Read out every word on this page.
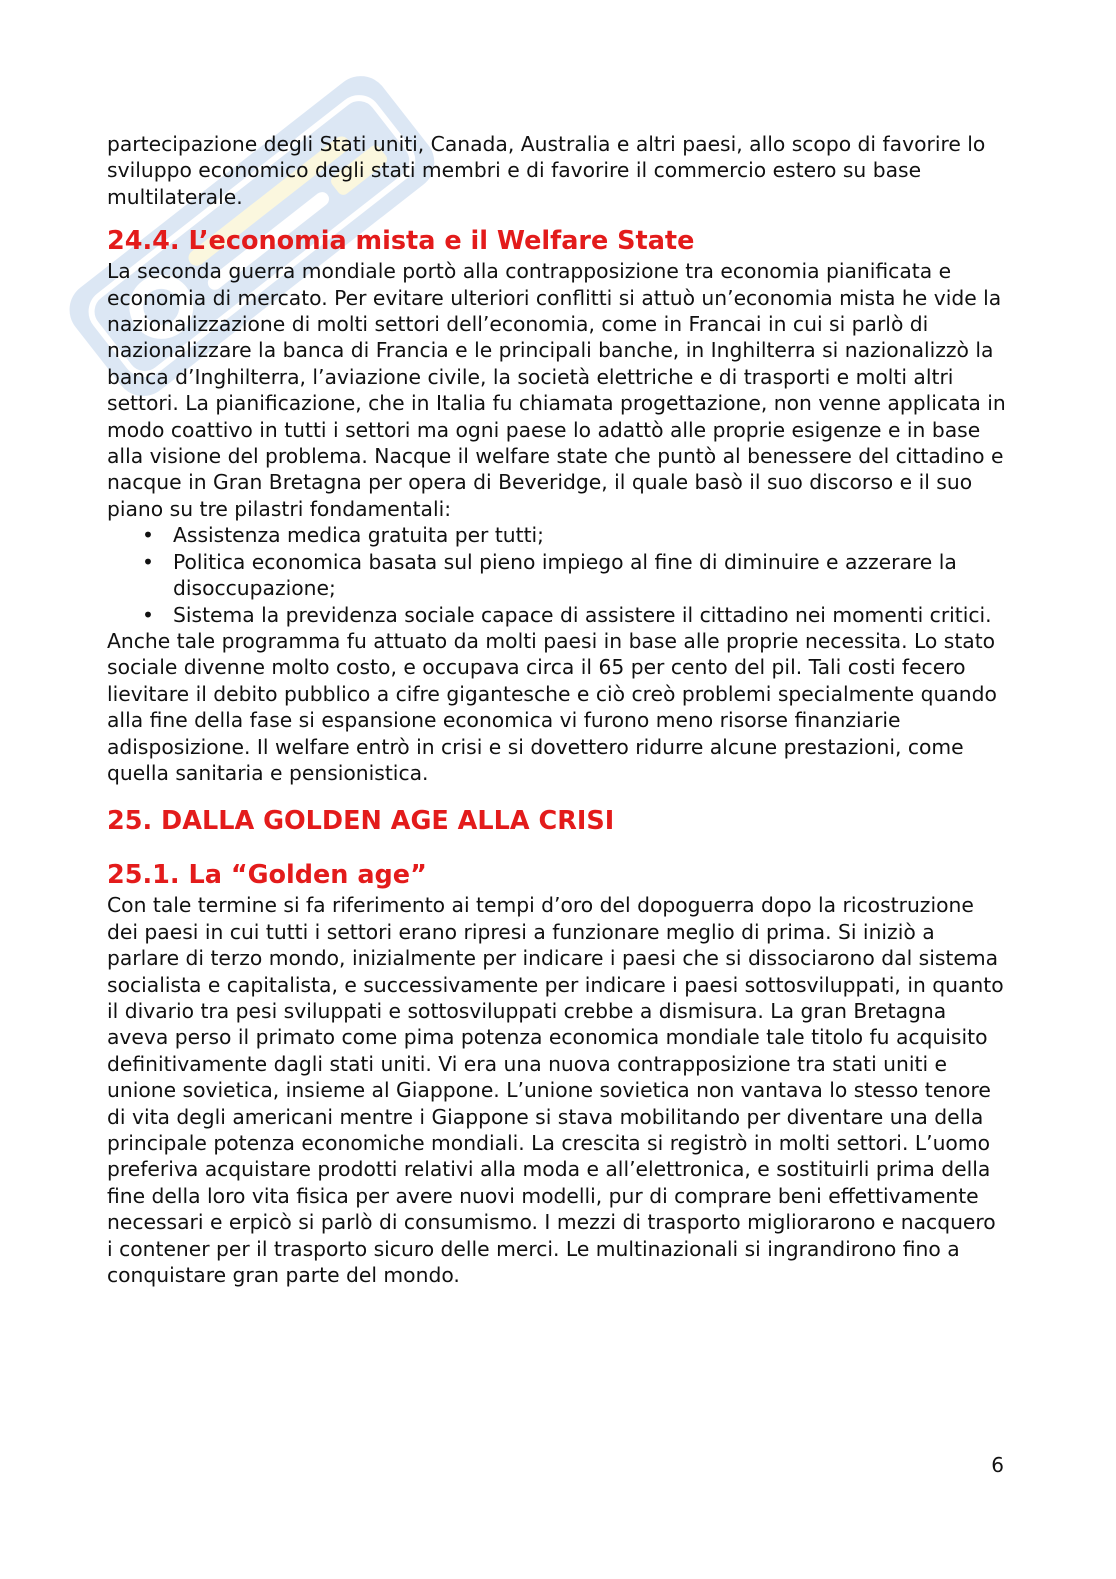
partecipazione degli Stati uniti, Canada, Australia e altri paesi, allo scopo di favorire lo sviluppo economico degli stati membri e di favorire il commercio estero su base multilaterale.

24.4. L’economia mista e il Welfare State

La seconda guerra mondiale portò alla contrapposizione tra economia pianificata e economia di mercato. Per evitare ulteriori conflitti si attuò un’economia mista he vide la nazionalizzazione di molti settori dell’economia, come in Francai in cui si parlò di nazionalizzare la banca di Francia e le principali banche, in Inghilterra si nazionalizzò la banca d’Inghilterra, l’aviazione civile, la società elettriche e di trasporti e molti altri settori. La pianificazione, che in Italia fu chiamata progettazione, non venne applicata in modo coattivo in tutti i settori ma ogni paese lo adattò alle proprie esigenze e in base alla visione del problema. Nacque il welfare state che puntò al benessere del cittadino e nacque in Gran Bretagna per opera di Beveridge, il quale basò il suo discorso e il suo piano su tre pilastri fondamentali:

• Assistenza medica gratuita per tutti;
• Politica economica basata sul pieno impiego al fine di diminuire e azzerare la disoccupazione;
• Sistema la previdenza sociale capace di assistere il cittadino nei momenti critici.

Anche tale programma fu attuato da molti paesi in base alle proprie necessita. Lo stato sociale divenne molto costo, e occupava circa il 65 per cento del pil. Tali costi fecero lievitare il debito pubblico a cifre gigantesche e ciò creò problemi specialmente quando alla fine della fase si espansione economica vi furono meno risorse finanziarie adisposizione. Il welfare entrò in crisi e si dovettero ridurre alcune prestazioni, come quella sanitaria e pensionistica.

25. DALLA GOLDEN AGE ALLA CRISI
25.1. La “Golden age”

Con tale termine si fa riferimento ai tempi d’oro del dopoguerra dopo la ricostruzione dei paesi in cui tutti i settori erano ripresi a funzionare meglio di prima. Si iniziò a parlare di terzo mondo, inizialmente per indicare i paesi che si dissociarono dal sistema socialista e capitalista, e successivamente per indicare i paesi sottosviluppati, in quanto il divario tra pesi sviluppati e sottosviluppati crebbe a dismisura. La gran Bretagna aveva perso il primato come pima potenza economica mondiale tale titolo fu acquisito definitivamente dagli stati uniti. Vi era una nuova contrapposizione tra stati uniti e unione sovietica, insieme al Giappone. L’unione sovietica non vantava lo stesso tenore di vita degli americani mentre i Giappone si stava mobilitando per diventare una della principale potenza economiche mondiali. La crescita si registrò in molti settori. L’uomo preferiva acquistare prodotti relativi alla moda e all’elettronica, e sostituirli prima della fine della loro vita fisica per avere nuovi modelli, pur di comprare beni effettivamente necessari e erpicò si parlò di consumismo. I mezzi di trasporto migliorarono e nacquero i contener per il trasporto sicuro delle merci. Le multinazionali si ingrandirono fino a conquistare gran parte del mondo.

6
